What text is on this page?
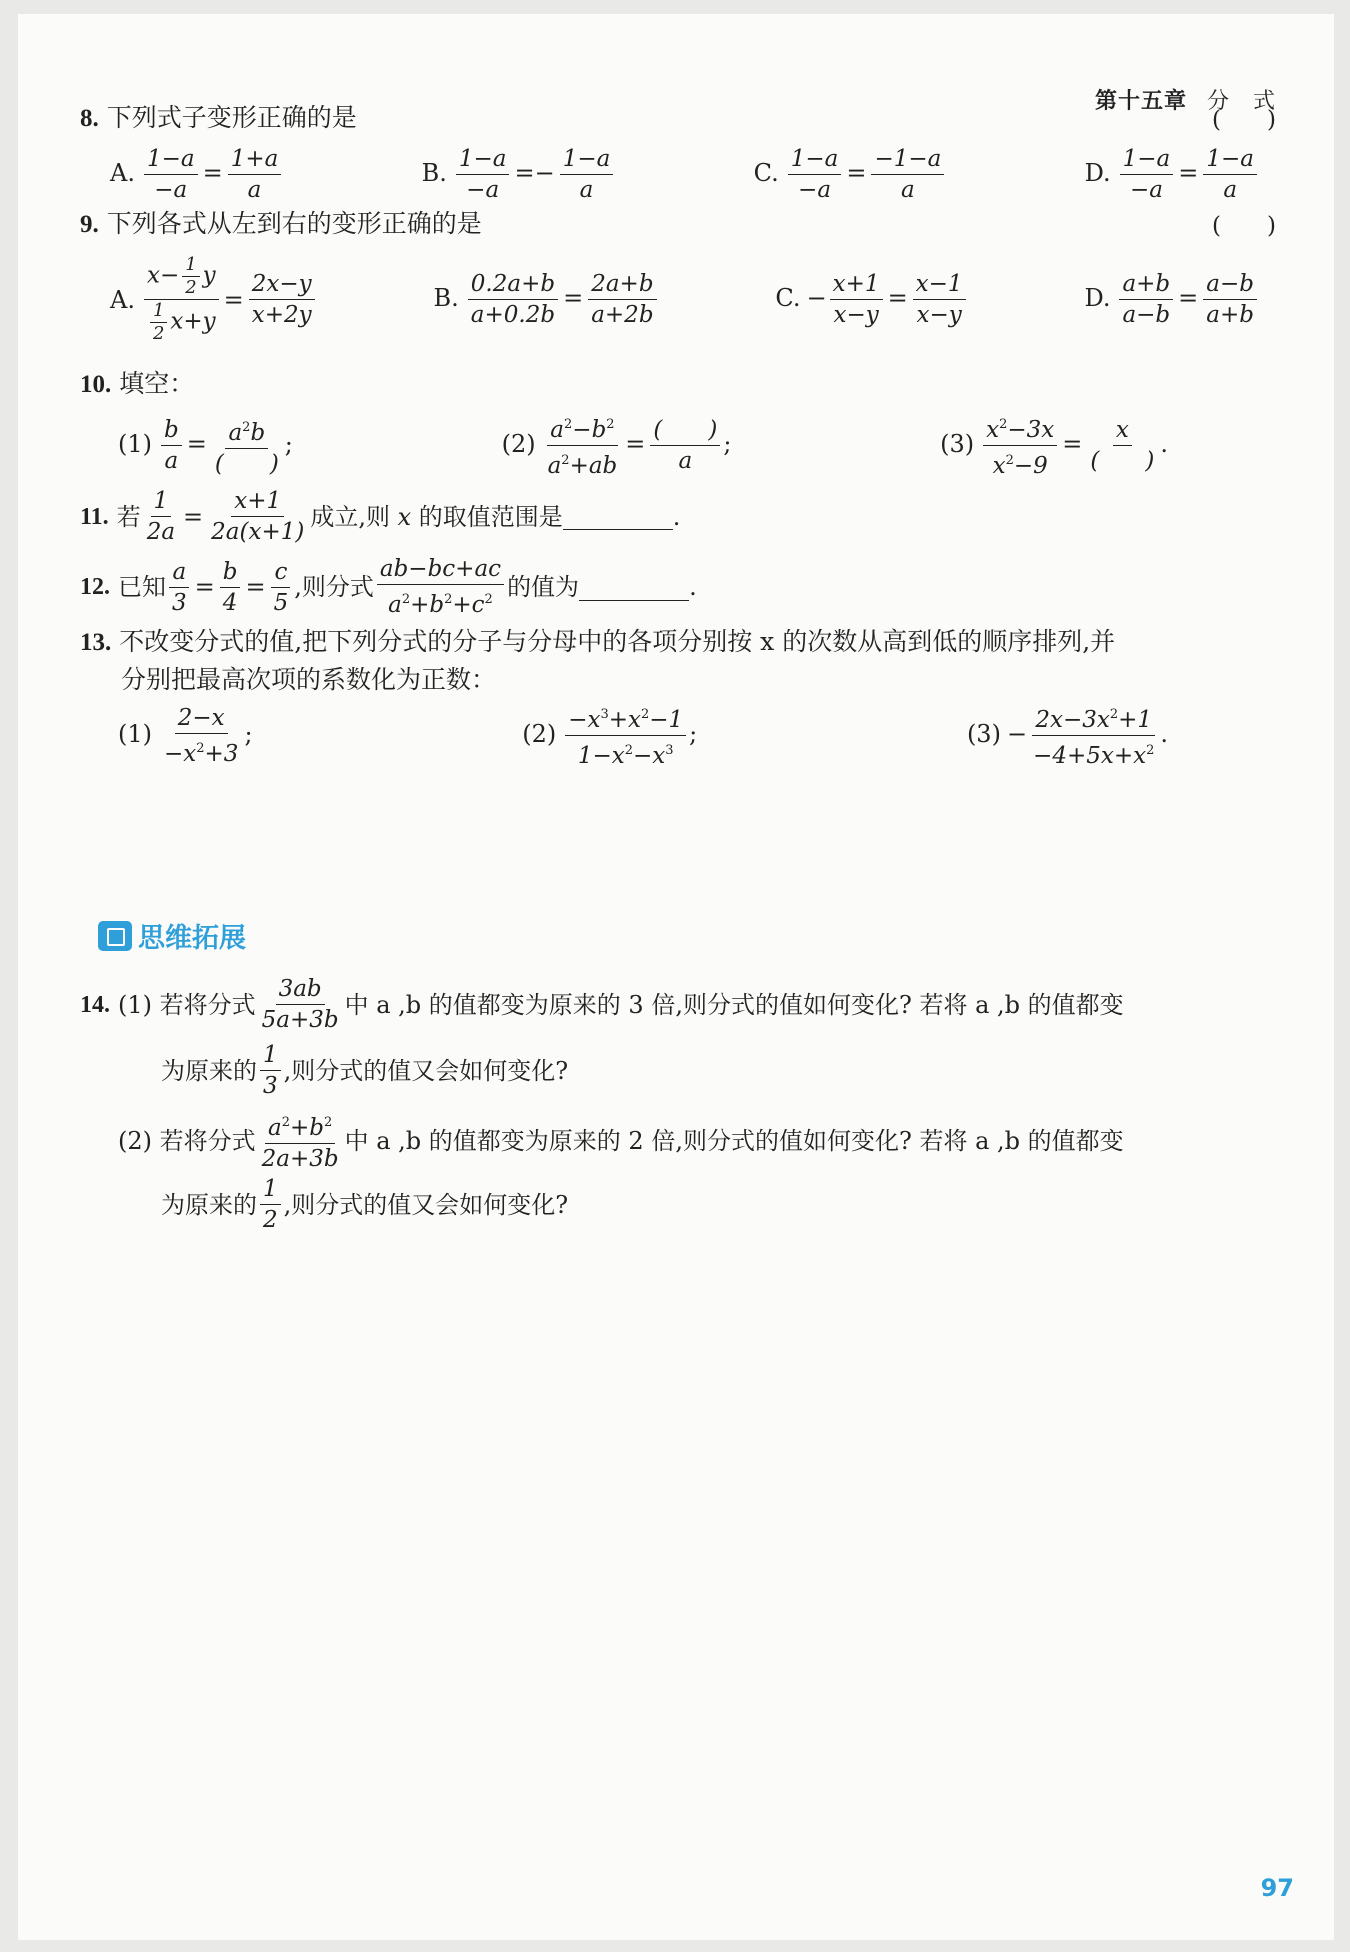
第十五章 分　式
8. 下列式子变形正确的是	(　　)
A. $\frac{1-a}{-a} = \frac{1+a}{a}$	B. $\frac{1-a}{-a} =- \frac{1-a}{a}$	C. $\frac{1-a}{-a} = \frac{-1-a}{a}$	D. $\frac{1-a}{-a} = \frac{1-a}{a}$
9. 下列各式从左到右的变形正确的是	(　　)
A. $\frac{x- \frac{1}{2} y}{\frac{1}{2} x+y} = \frac{2x-y}{x+2y}$	B. $\frac{0.2a+b}{a+0.2b} = \frac{2a+b}{a+2b}$	C. − $\frac{x+1}{x-y} = \frac{x-1}{x-y}$	D. $\frac{a+b}{a-b} = \frac{a-b}{a+b}$
10. 填空：
$(1) \frac{b}{a} = \frac{a^2b}{( )}$ ;	$(2) \frac{a^2-b^2}{a^2+ab} = \frac{( )}{a}$ ;	$(3) \frac{x^2-3x}{x^2-9} = \frac{x}{( )}$ .
11. 若 $\frac{1}{2a} = \frac{x+1}{2a(x+1)}$ 成立,则
x
的取值范围是	.
12. 已知 $\frac{a}{3} = \frac{b}{4} = \frac{c}{5}$ ,则分式 $\frac{ab-bc+ac}{a^2+b^2+c^2}$ 的值为	.
13. 不改变分式的值,把下列分式的分子与分母中的各项分别按 x 的次数从高到低的顺序排列,并
分别把最高次项的系数化为正数：
$(1) \frac{2-x}{-x^2+3}$ ;	$(2) \frac{-x^3+x^2-1}{1-x^2-x^3}$ ;	$(3) - \frac{2x-3x^2+1}{-4+5x+x^2}$ .
思维拓展
14. (1) 若将分式 $\frac{3ab}{5a+3b}$ 中 a ,b 的值都变为原来的 3 倍,则分式的值如何变化? 若将 a ,b 的值都变
为原来的 $\frac{1}{3}$ ,则分式的值又会如何变化?
(2) 若将分式 $\frac{a^2+b^2}{2a+3b}$ 中 a ,b 的值都变为原来的 2 倍,则分式的值如何变化? 若将 a ,b 的值都变
为原来的 $\frac{1}{2}$ ,则分式的值又会如何变化?
97
